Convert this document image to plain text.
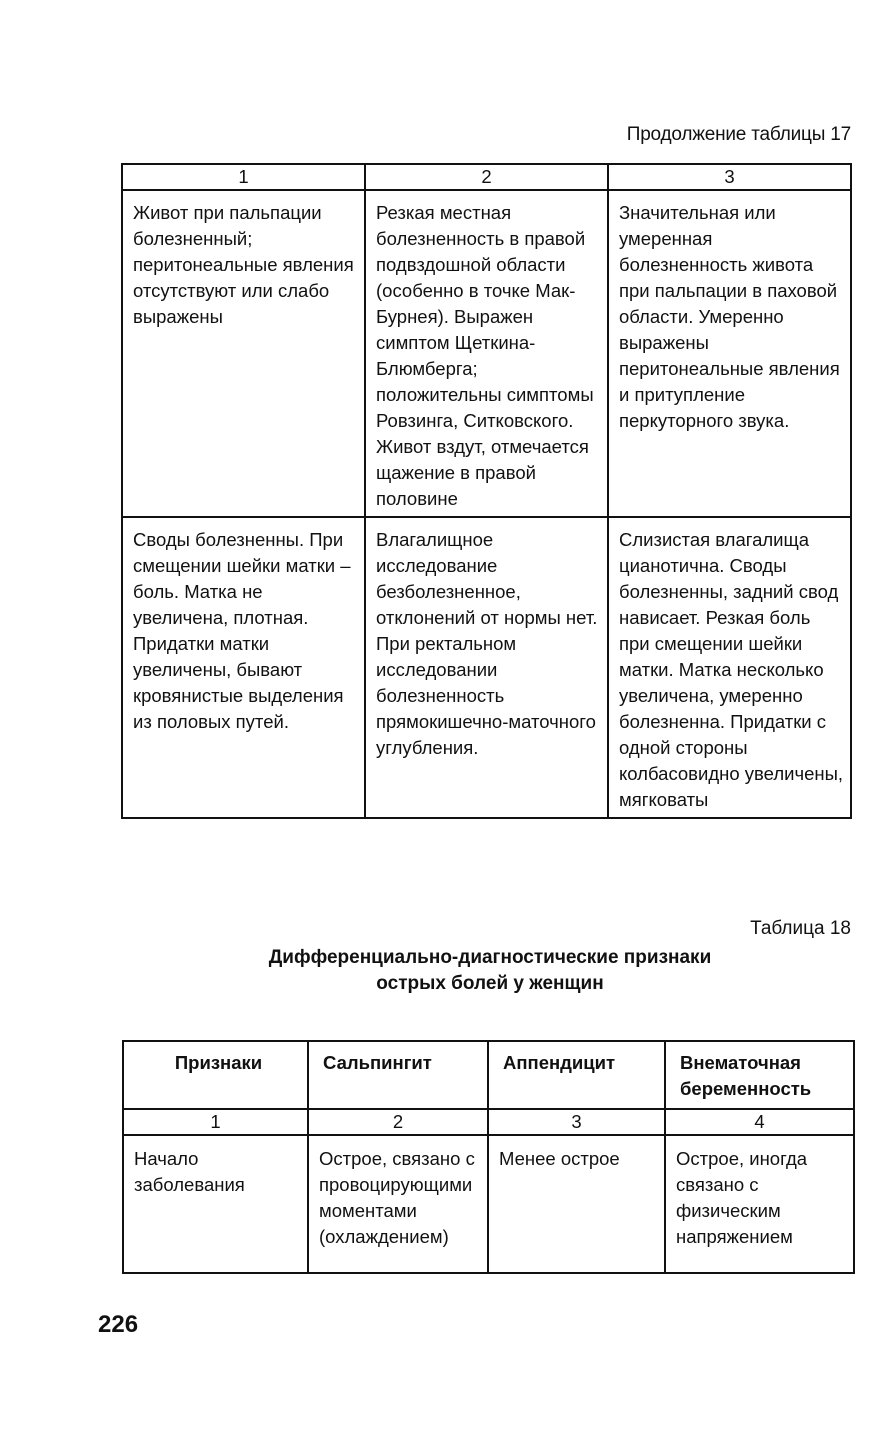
Продолжение таблицы 17
1	2	3
Живот при пальпации болезненный; перитонеальные явления отсутствуют или слабо выражены	Резкая местная болезненность в правой подвздошной области (особенно в точке Мак-Бурнея). Выражен симптом Щеткина-Блюмберга; положительны симптомы Ровзинга, Ситковского. Живот вздут, отмечается щажение в правой половине	Значительная или умеренная болезненность живота при пальпации в паховой области. Умеренно выражены перитонеальные явления и притупление перкуторного звука.
Своды болезненны. При смещении шейки матки – боль. Матка не увеличена, плотная. Придатки матки увеличены, бывают кровянистые выделения из половых путей.	Влагалищное исследование безболезненное, отклонений от нормы нет. При ректальном исследовании болезненность прямокишечно-маточного углубления.	Слизистая влагалища цианотична. Своды болезненны, задний свод нависает. Резкая боль при смещении шейки матки. Матка несколько увеличена, умеренно болезненна. Придатки с одной стороны колбасовидно увеличены, мягковаты
Таблица 18
Дифференциально-диагностические признаки
острых болей у женщин
Признаки	Сальпингит	Аппендицит	Внематочная беременность
1	2	3	4
Начало заболевания	Острое, связано с провоцирующими моментами (охлаждением)	Менее острое	Острое, иногда связано с физическим напряжением
226
